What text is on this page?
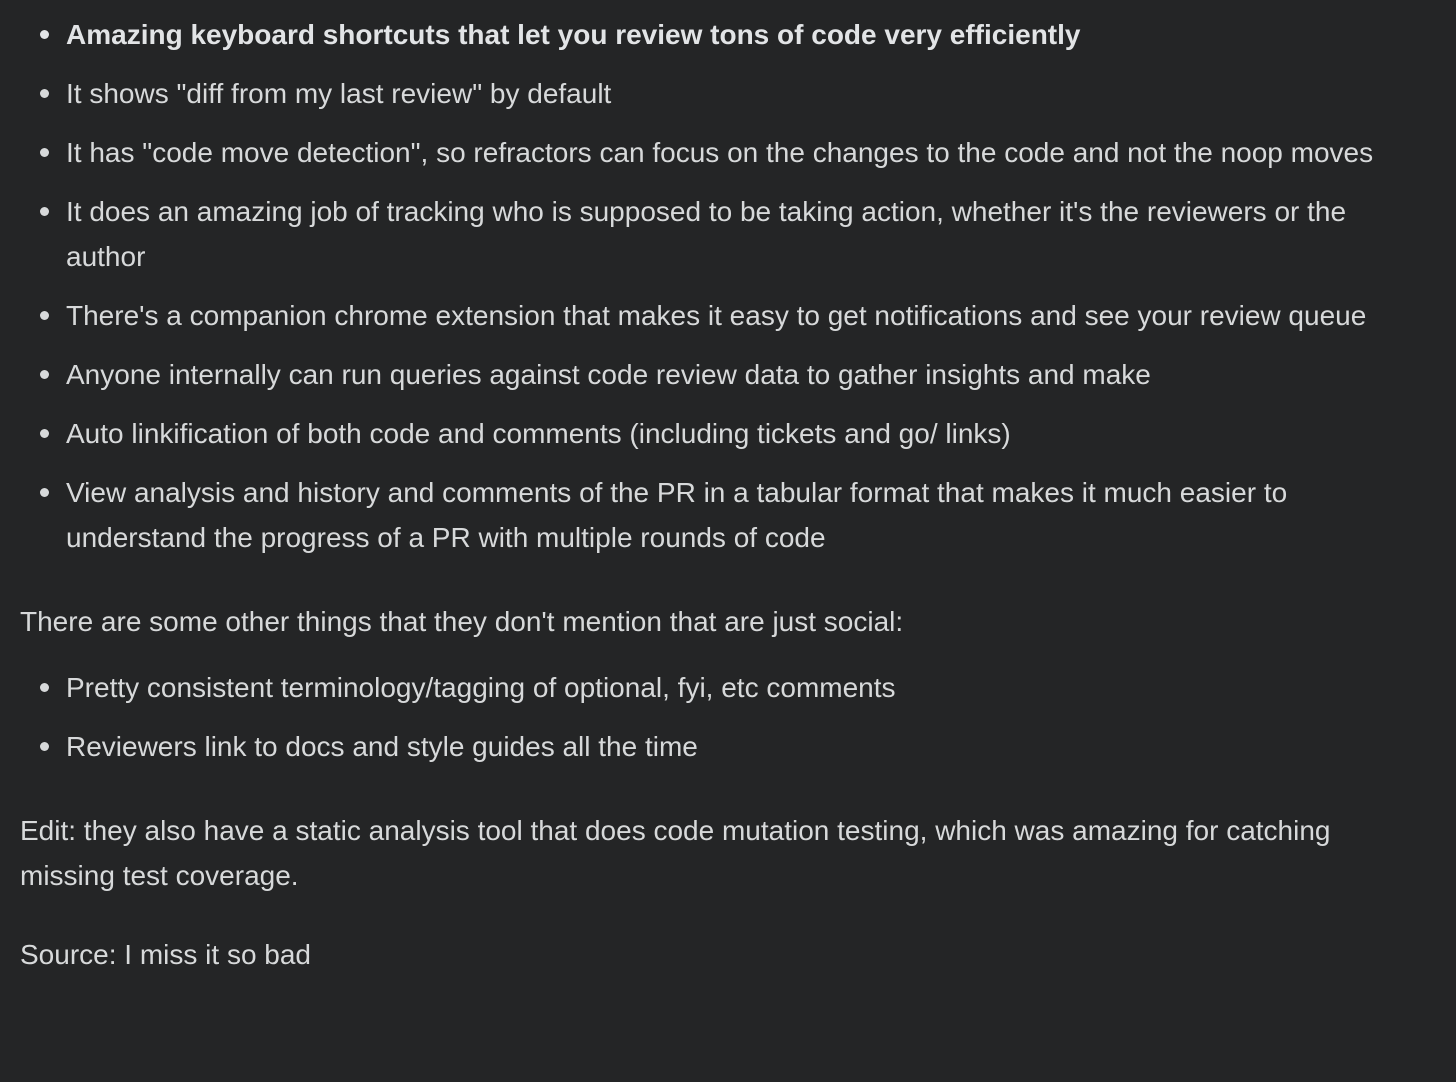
Amazing keyboard shortcuts that let you review tons of code very efficiently
It shows "diff from my last review" by default
It has "code move detection", so refractors can focus on the changes to the code and not the noop moves
It does an amazing job of tracking who is supposed to be taking action, whether it's the reviewers or the author
There's a companion chrome extension that makes it easy to get notifications and see your review queue
Anyone internally can run queries against code review data to gather insights and make
Auto linkification of both code and comments (including tickets and go/ links)
View analysis and history and comments of the PR in a tabular format that makes it much easier to understand the progress of a PR with multiple rounds of code

There are some other things that they don't mention that are just social:

Pretty consistent terminology/tagging of optional, fyi, etc comments
Reviewers link to docs and style guides all the time

Edit: they also have a static analysis tool that does code mutation testing, which was amazing for catching missing test coverage.

Source: I miss it so bad
